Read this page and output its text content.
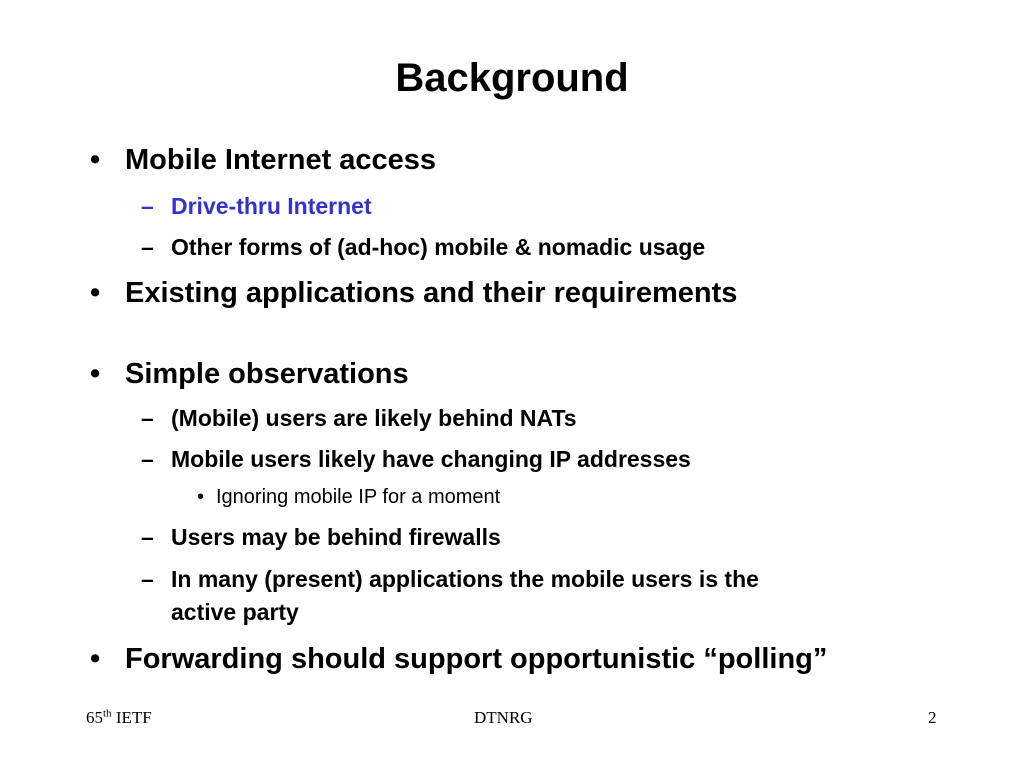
Background
• Mobile Internet access
– Drive-thru Internet
– Other forms of (ad-hoc) mobile & nomadic usage
• Existing applications and their requirements
• Simple observations
– (Mobile) users are likely behind NATs
– Mobile users likely have changing IP addresses
• Ignoring mobile IP for a moment
– Users may be behind firewalls
– In many (present) applications the mobile users is the
active party
• Forwarding should support opportunistic “polling”
65th IETF	DTNRG	2
